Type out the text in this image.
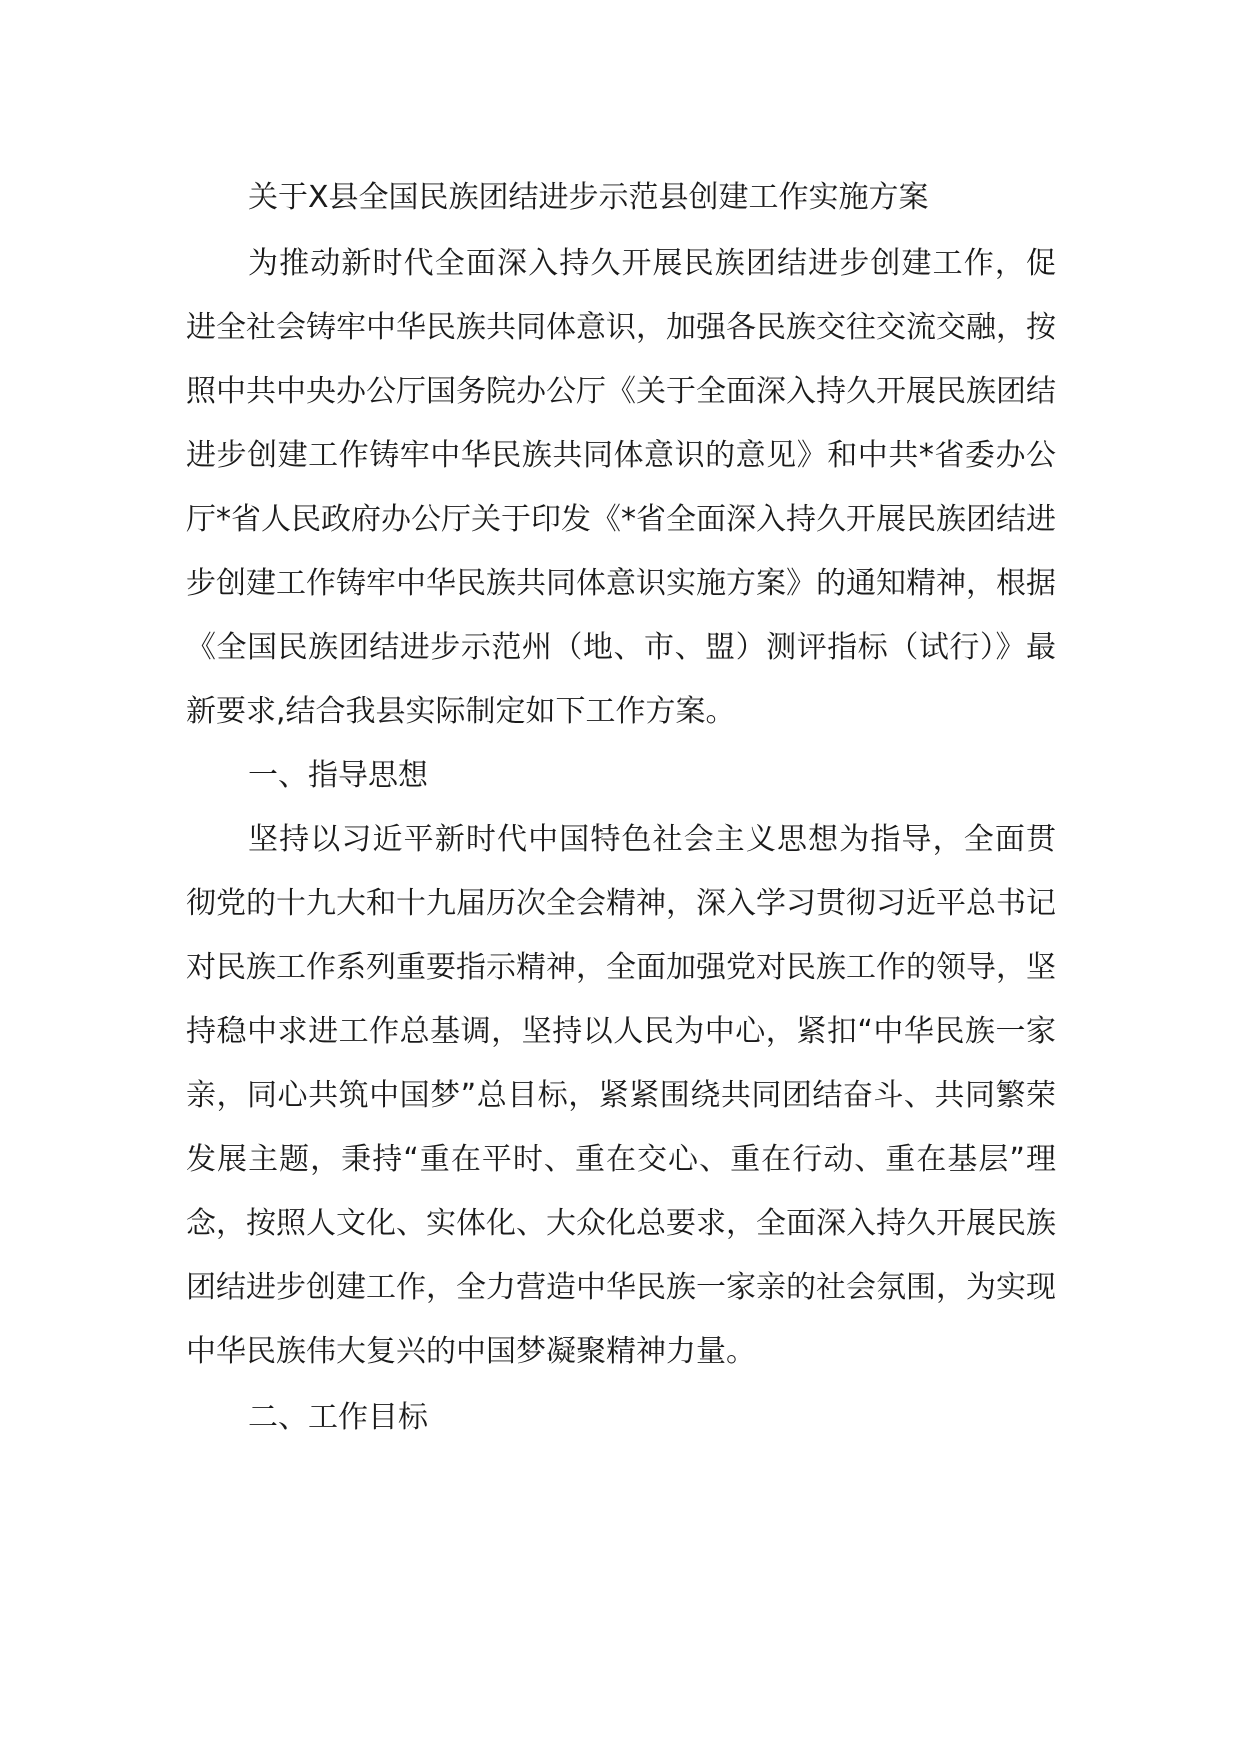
关于X县全国民族团结进步示范县创建工作实施方案

为推动新时代全面深入持久开展民族团结进步创建工作，促进全社会铸牢中华民族共同体意识，加强各民族交往交流交融，按照中共中央办公厅国务院办公厅《关于全面深入持久开展民族团结进步创建工作铸牢中华民族共同体意识的意见》和中共*省委办公厅*省人民政府办公厅关于印发《*省全面深入持久开展民族团结进步创建工作铸牢中华民族共同体意识实施方案》的通知精神，根据《全国民族团结进步示范州（地、市、盟）测评指标（试行）》最新要求,结合我县实际制定如下工作方案。

一、指导思想

坚持以习近平新时代中国特色社会主义思想为指导，全面贯彻党的十九大和十九届历次全会精神，深入学习贯彻习近平总书记对民族工作系列重要指示精神，全面加强党对民族工作的领导，坚持稳中求进工作总基调，坚持以人民为中心，紧扣“中华民族一家亲，同心共筑中国梦”总目标，紧紧围绕共同团结奋斗、共同繁荣发展主题，秉持“重在平时、重在交心、重在行动、重在基层”理念，按照人文化、实体化、大众化总要求，全面深入持久开展民族团结进步创建工作，全力营造中华民族一家亲的社会氛围，为实现中华民族伟大复兴的中国梦凝聚精神力量。

二、工作目标
